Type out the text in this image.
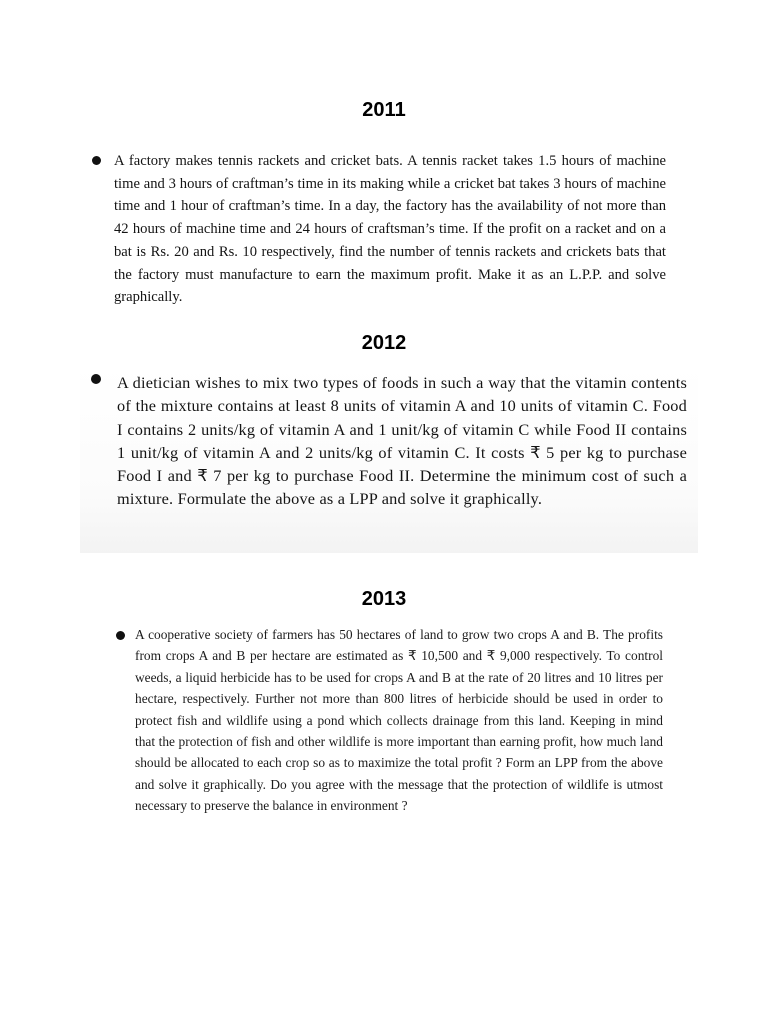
2011

A factory makes tennis rackets and cricket bats. A tennis racket takes 1.5 hours of machine time and 3 hours of craftman’s time in its making while a cricket bat takes 3 hours of machine time and 1 hour of craftman’s time. In a day, the factory has the availability of not more than 42 hours of machine time and 24 hours of craftsman’s time. If the profit on a racket and on a bat is Rs. 20 and Rs. 10 respectively, find the number of tennis rackets and crickets bats that the factory must manufacture to earn the maximum profit. Make it as an L.P.P. and solve graphically.

2012

A dietician wishes to mix two types of foods in such a way that the vitamin contents of the mixture contains at least 8 units of vitamin A and 10 units of vitamin C. Food I contains 2 units/kg of vitamin A and 1 unit/kg of vitamin C while Food II contains 1 unit/kg of vitamin A and 2 units/kg of vitamin C. It costs ₹ 5 per kg to purchase Food I and ₹ 7 per kg to purchase Food II. Determine the minimum cost of such a mixture. Formulate the above as a LPP and solve it graphically.

2013

A cooperative society of farmers has 50 hectares of land to grow two crops A and B. The profits from crops A and B per hectare are estimated as ₹ 10,500 and ₹ 9,000 respectively. To control weeds, a liquid herbicide has to be used for crops A and B at the rate of 20 litres and 10 litres per hectare, respectively. Further not more than 800 litres of herbicide should be used in order to protect fish and wildlife using a pond which collects drainage from this land. Keeping in mind that the protection of fish and other wildlife is more important than earning profit, how much land should be allocated to each crop so as to maximize the total profit ? Form an LPP from the above and solve it graphically. Do you agree with the message that the protection of wildlife is utmost necessary to preserve the balance in environment ?
